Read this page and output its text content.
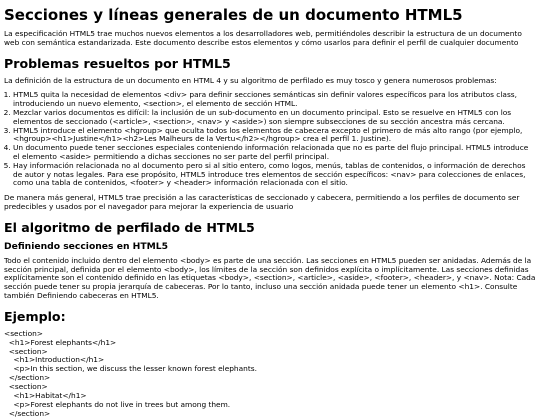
Secciones y líneas generales de un documento HTML5

La especificación HTML5 trae muchos nuevos elementos a los desarrolladores web, permitiéndoles describir la estructura de un documento web con semántica estandarizada. Este documento describe estos elementos y cómo usarlos para definir el perfil de cualquier documento

Problemas resueltos por HTML5

La definición de la estructura de un documento en HTML 4 y su algoritmo de perfilado es muy tosco y genera numerosos problemas:

1. HTML5 quita la necesidad de elementos <div> para definir secciones semánticas sin definir valores específicos para los atributos class, introduciendo un nuevo elemento, <section>, el elemento de sección HTML.
2. Mezclar varios documentos es difícil: la inclusión de un sub-documento en un documento principal. Esto se resuelve en HTML5 con los elementos de seccionado (<article>, <section>, <nav> y <aside>) son siempre subsecciones de su sección ancestra más cercana.
3. HTML5 introduce el elemento <hgroup> que oculta todos los elementos de cabecera excepto el primero de más alto rango (por ejemplo, <hgroup><h1>Justine</h1><h2>Les Malheurs de la Vertu</h2></hgroup> crea el perfil 1. Justine).
4. Un documento puede tener secciones especiales conteniendo información relacionada que no es parte del flujo principal. HTML5 introduce el elemento <aside> permitiendo a dichas secciones no ser parte del perfil principal.
5. Hay información relacionada no al documento pero si al sitio entero, como logos, menús, tablas de contenidos, o información de derechos de autor y notas legales. Para ese propósito, HTML5 introduce tres elementos de sección específicos: <nav> para colecciones de enlaces, como una tabla de contenidos, <footer> y <header> información relacionada con el sitio.

De manera más general, HTML5 trae precisión a las características de seccionado y cabecera, permitiendo a los perfiles de documento ser predecibles y usados por el navegador para mejorar la experiencia de usuario

El algoritmo de perfilado de HTML5
Definiendo secciones en HTML5

Todo el contenido incluido dentro del elemento <body> es parte de una sección. Las secciones en HTML5 pueden ser anidadas. Además de la sección principal, definida por el elemento <body>, los límites de la sección son definidos explícita o implícitamente. Las secciones definidas explícitamente son el contenido definido en las etiquetas <body>, <section>, <article>, <aside>, <footer>, <header>, y <nav>. Nota: Cada sección puede tener su propia jerarquía de cabeceras. Por lo tanto, incluso una sección anidada puede tener un elemento <h1>. Consulte también Definiendo cabeceras en HTML5.

Ejemplo:
<section>
<h1>Forest elephants</h1>
<section>
<h1>Introduction</h1>
<p>In this section, we discuss the lesser known forest elephants.
</section>
<section>
<h1>Habitat</h1>
<p>Forest elephants do not live in trees but among them.
</section>
